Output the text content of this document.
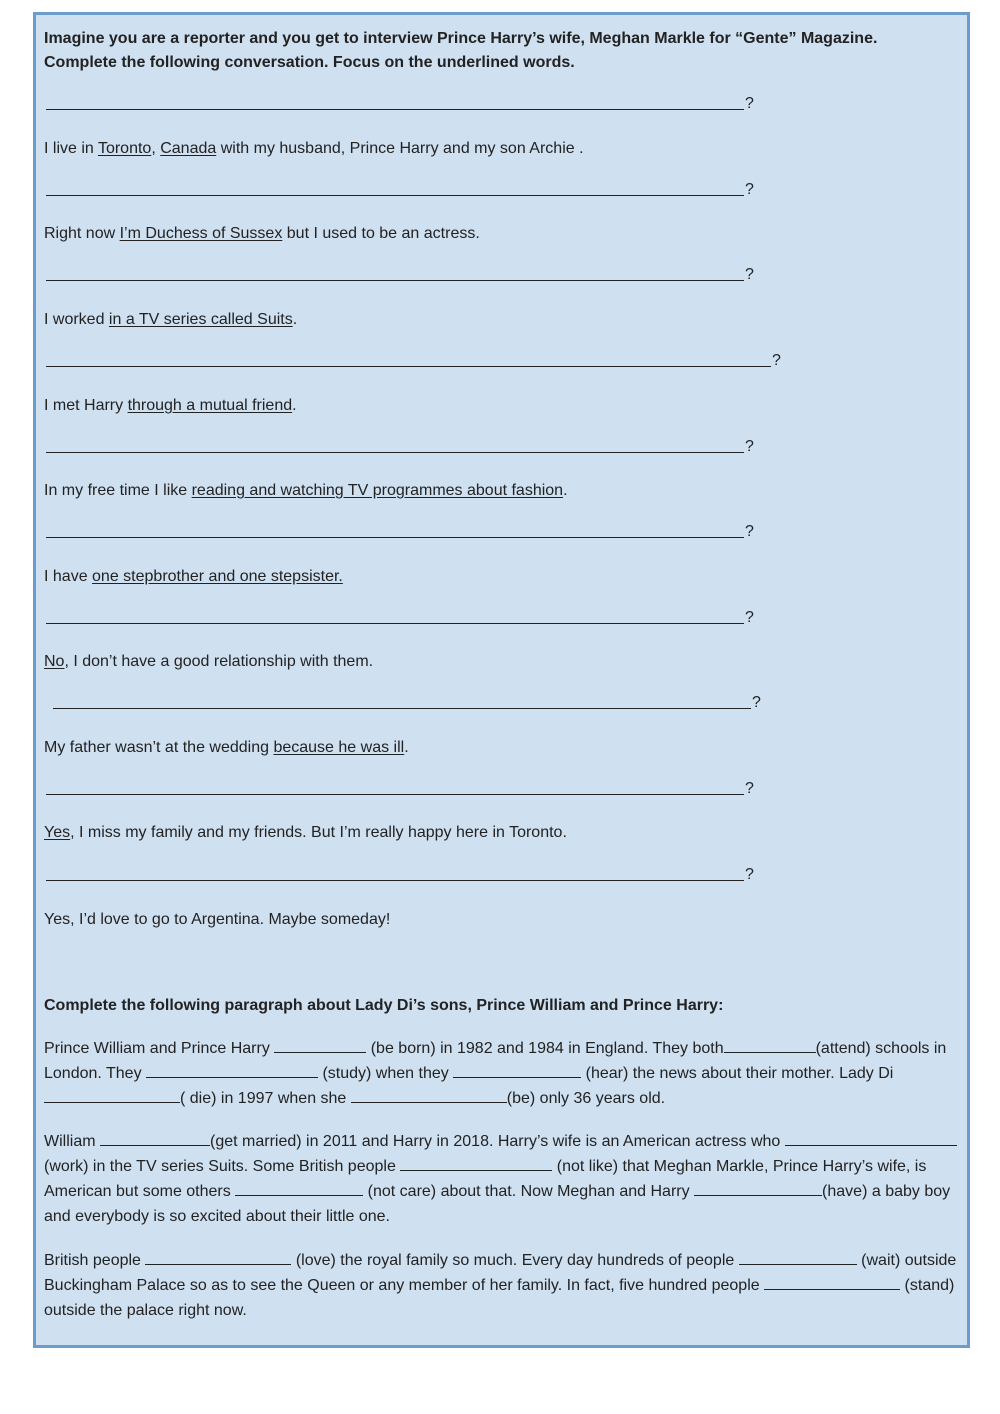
Imagine you are a reporter and you get to interview Prince Harry’s wife, Meghan Markle for “Gente” Magazine.
Complete the following conversation. Focus on the underlined words.
?
?
?
?
?
?
?
?
?
?
I live in Toronto, Canada with my husband, Prince Harry and my son Archie .
Right now I’m Duchess of Sussex but I used to be an actress.
I worked in a TV series called Suits.
I met Harry through a mutual friend.
In my free time I like reading and watching TV programmes about fashion.
I have one stepbrother and one stepsister.
No, I don’t have a good relationship with them.
My father wasn’t at the wedding because he was ill.
Yes, I miss my family and my friends. But I’m really happy here in Toronto.
Yes, I’d love to go to Argentina. Maybe someday!
Complete the following paragraph about Lady Di’s sons, Prince William and Prince Harry:
Prince William and Prince Harry	(be born) in 1982 and 1984 in England. They both	(attend) schools in London. They	(study) when they	(hear) the news about their mother. Lady Di( die) in 1997 when she	(be) only 36 years old.
William	(get married) in 2011 and Harry in 2018. Harry’s wife is an American actress who (work) in the TV series Suits. Some British people	(not like) that Meghan Markle, Prince Harry’s wife, is American but some others	(not care) about that. Now Meghan and Harry	(have) a baby boy and everybody is so excited about their little one.
British people	(love) the royal family so much. Every day hundreds of people	(wait) outside Buckingham Palace so as to see the Queen or any member of her family. In fact, five hundred people	(stand) outside the palace right now.
